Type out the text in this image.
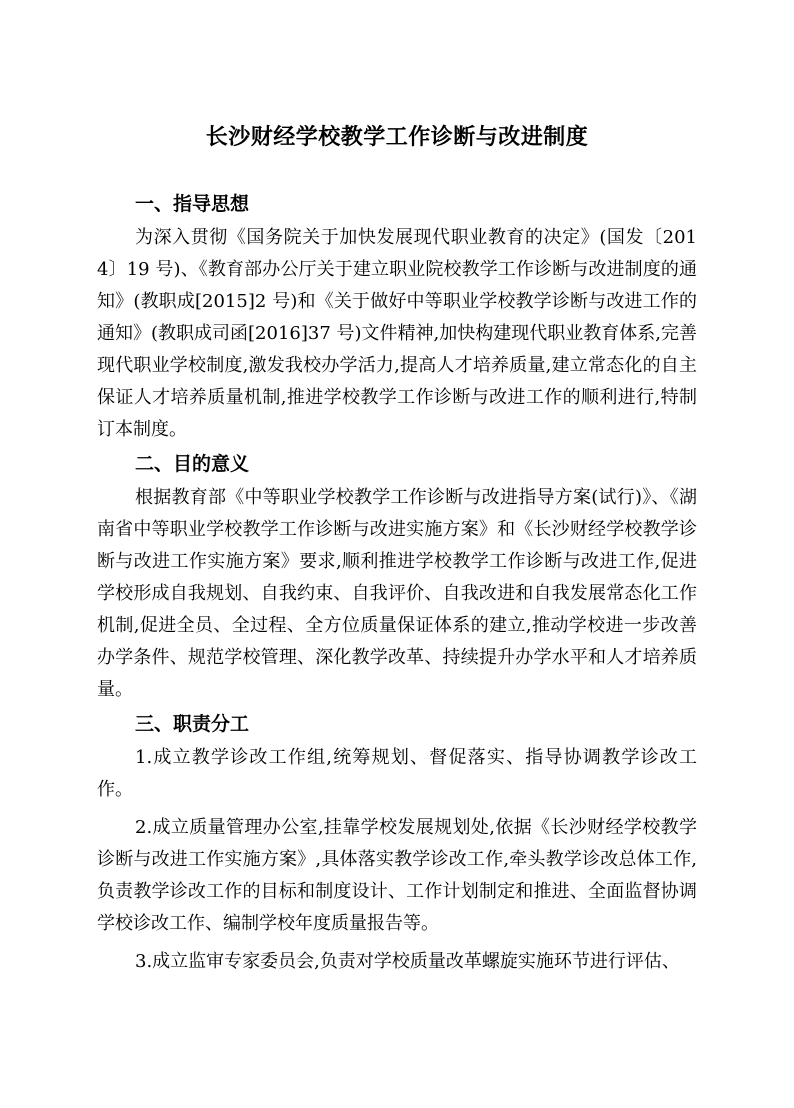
长沙财经学校教学工作诊断与改进制度
一、指导思想
为深入贯彻《国务院关于加快发展现代职业教育的决定》(国发〔2014〕19 号)、《教育部办公厅关于建立职业院校教学工作诊断与改进制度的通知》(教职成[2015]2 号)和《关于做好中等职业学校教学诊断与改进工作的通知》(教职成司函[2016]37 号)文件精神,加快构建现代职业教育体系,完善现代职业学校制度,激发我校办学活力,提高人才培养质量,建立常态化的自主保证人才培养质量机制,推进学校教学工作诊断与改进工作的顺利进行,特制订本制度。
二、目的意义
根据教育部《中等职业学校教学工作诊断与改进指导方案(试行)》、《湖南省中等职业学校教学工作诊断与改进实施方案》和《长沙财经学校教学诊断与改进工作实施方案》要求,顺利推进学校教学工作诊断与改进工作,促进学校形成自我规划、自我约束、自我评价、自我改进和自我发展常态化工作机制,促进全员、全过程、全方位质量保证体系的建立,推动学校进一步改善办学条件、规范学校管理、深化教学改革、持续提升办学水平和人才培养质量。
三、职责分工
1.成立教学诊改工作组,统筹规划、督促落实、指导协调教学诊改工作。
2.成立质量管理办公室,挂靠学校发展规划处,依据《长沙财经学校教学诊断与改进工作实施方案》,具体落实教学诊改工作,牵头教学诊改总体工作,负责教学诊改工作的目标和制度设计、工作计划制定和推进、全面监督协调学校诊改工作、编制学校年度质量报告等。
3.成立监审专家委员会,负责对学校质量改革螺旋实施环节进行评估、
